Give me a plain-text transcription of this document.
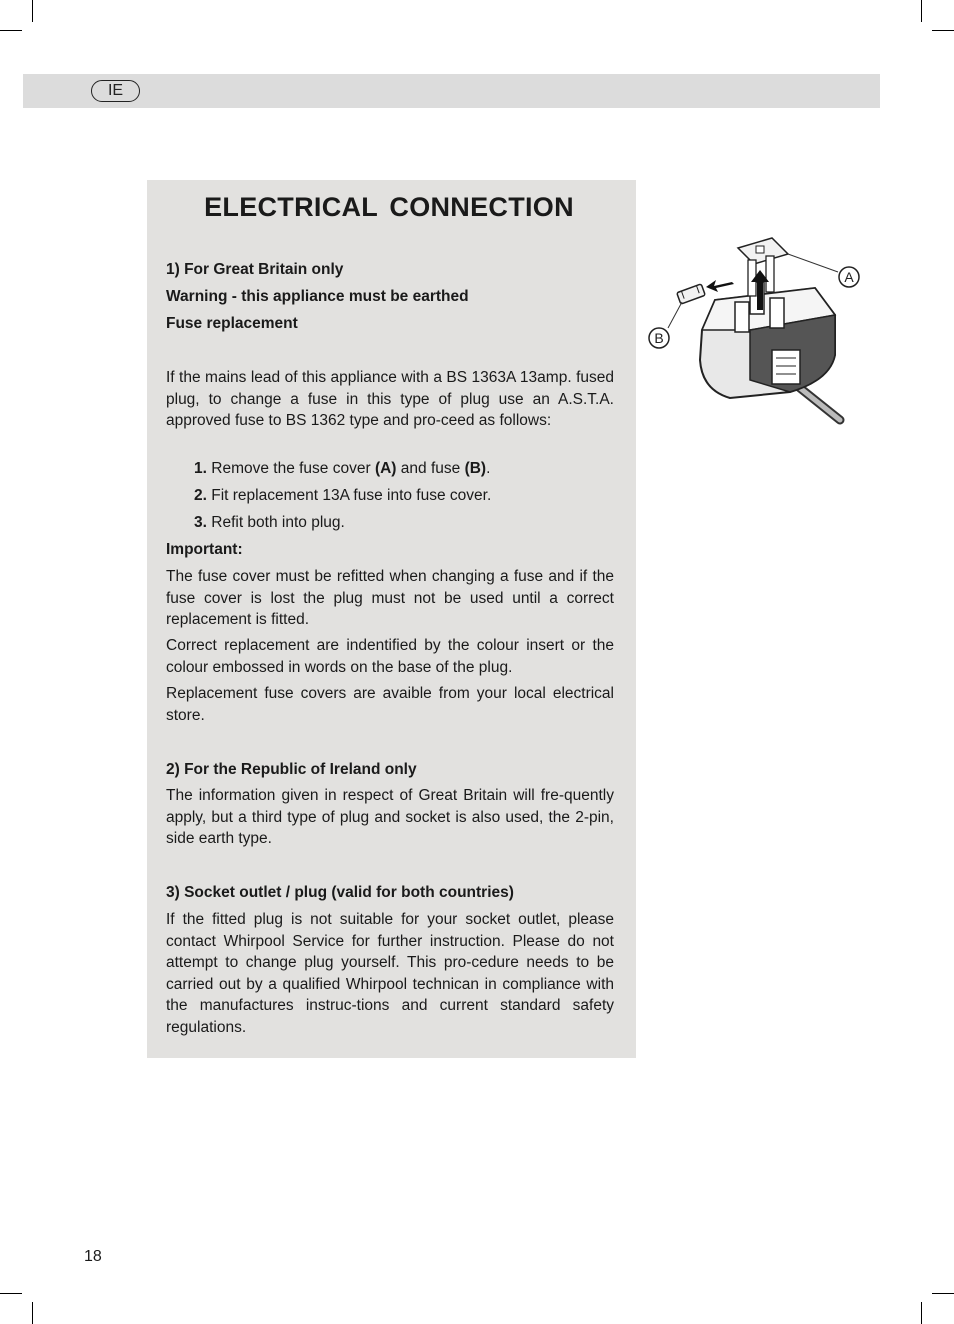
IE
ELECTRICAL CONNECTION

1) For Great Britain only

Warning - this appliance must be earthed

Fuse replacement

If the mains lead of this appliance with a BS 1363A 13amp. fused plug, to change a fuse in this type of plug use an A.S.T.A. approved fuse to BS 1362 type and pro-ceed as follows:

1. Remove the fuse cover (A) and fuse (B).

2. Fit replacement 13A fuse into fuse cover.

3. Refit both into plug.

Important:

The fuse cover must be refitted when changing a fuse and if the fuse cover is lost the plug must not be used until a correct replacement is fitted.

Correct replacement are indentified by the colour insert or the colour embossed in words on the base of the plug.

Replacement fuse covers are avaible from your local electrical store.

2) For the Republic of Ireland only

The information given in respect of Great Britain will fre-quently apply, but a third type of plug and socket is also used, the 2-pin, side earth type.

3) Socket outlet / plug (valid for both countries)

If the fitted plug is not suitable for your socket outlet, please contact Whirpool Service for further instruction. Please do not attempt to change plug yourself. This pro-cedure needs to be carried out by a qualified Whirpool technican in compliance with the manufactures instruc-tions and current standard safety regulations.

A
B

18
